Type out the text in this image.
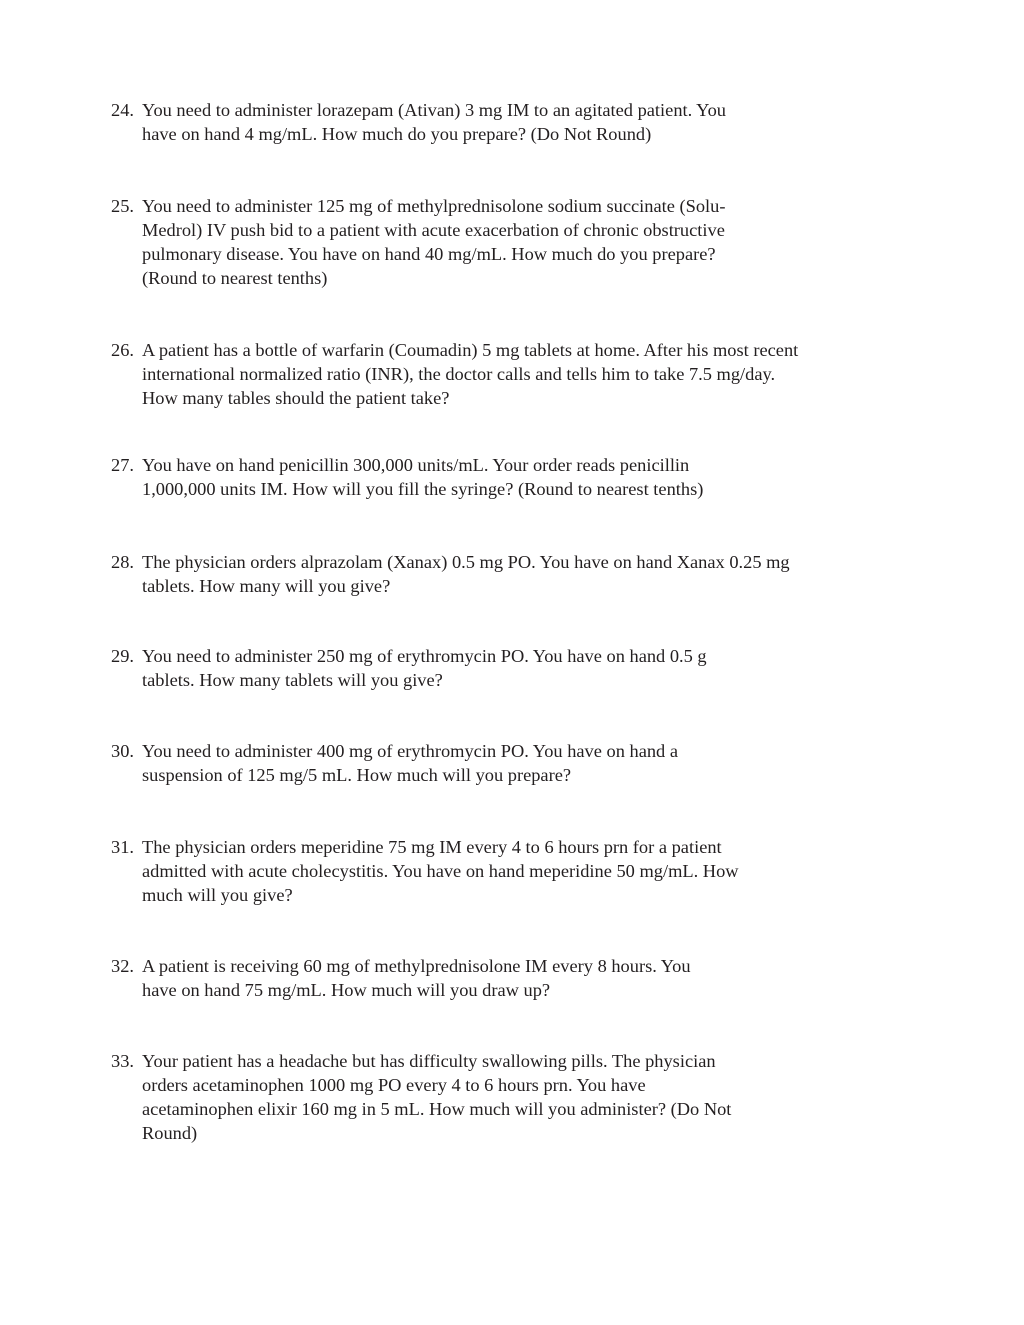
24. You need to administer lorazepam (Ativan) 3 mg IM to an agitated patient. You
have on hand 4 mg/mL. How much do you prepare? (Do Not Round)
25. You need to administer 125 mg of methylprednisolone sodium succinate (Solu-
Medrol) IV push bid to a patient with acute exacerbation of chronic obstructive
pulmonary disease. You have on hand 40 mg/mL. How much do you prepare?
(Round to nearest tenths)
26. A patient has a bottle of warfarin (Coumadin) 5 mg tablets at home. After his most recent
international normalized ratio (INR), the doctor calls and tells him to take 7.5 mg/day.
How many tables should the patient take?
27. You have on hand penicillin 300,000 units/mL. Your order reads penicillin
1,000,000 units IM. How will you fill the syringe? (Round to nearest tenths)
28. The physician orders alprazolam (Xanax) 0.5 mg PO. You have on hand Xanax 0.25 mg
tablets. How many will you give?
29. You need to administer 250 mg of erythromycin PO. You have on hand 0.5 g
tablets. How many tablets will you give?
30. You need to administer 400 mg of erythromycin PO. You have on hand a
suspension of 125 mg/5 mL. How much will you prepare?
31. The physician orders meperidine 75 mg IM every 4 to 6 hours prn for a patient
admitted with acute cholecystitis. You have on hand meperidine 50 mg/mL. How
much will you give?
32. A patient is receiving 60 mg of methylprednisolone IM every 8 hours. You
have on hand 75 mg/mL. How much will you draw up?
33. Your patient has a headache but has difficulty swallowing pills. The physician
orders acetaminophen 1000 mg PO every 4 to 6 hours prn. You have
acetaminophen elixir 160 mg in 5 mL. How much will you administer? (Do Not
Round)
